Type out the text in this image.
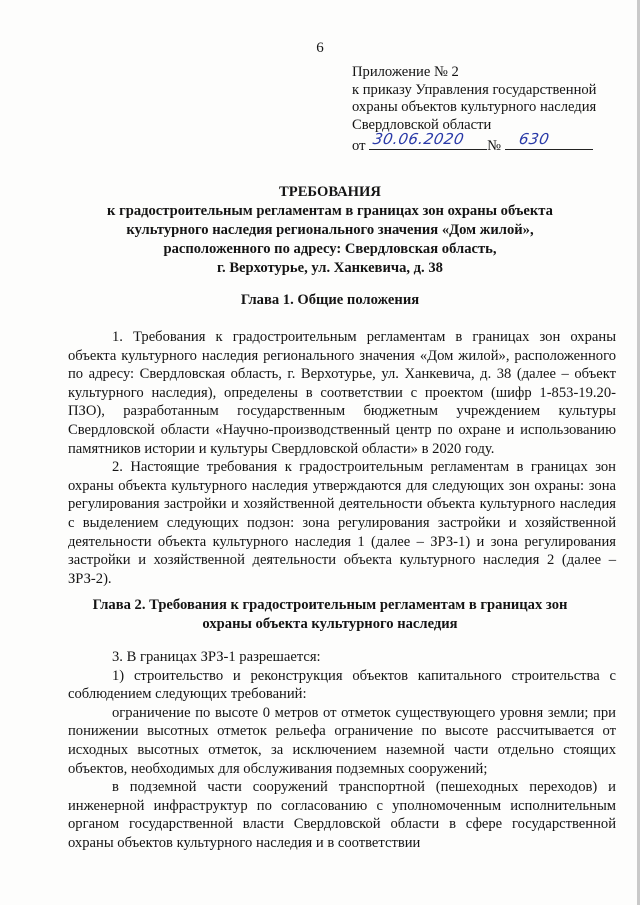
6
Приложение № 2
к приказу Управления государственной
охраны объектов культурного наследия
Свердловской области
от 30.06.2020 № 630
ТРЕБОВАНИЯ
к градостроительным регламентам в границах зон охраны объекта
культурного наследия регионального значения «Дом жилой»,
расположенного по адресу: Свердловская область,
г. Верхотурье, ул. Ханкевича, д. 38
Глава 1. Общие положения

1. Требования к градостроительным регламентам в границах зон охраны объекта культурного наследия регионального значения «Дом жилой», расположенного по адресу: Свердловская область, г. Верхотурье, ул. Ханкевича, д. 38 (далее – объект культурного наследия), определены в соответствии с проектом (шифр 1-853-19.20-ПЗО), разработанным государственным бюджетным учреждением культуры Свердловской области «Научно-производственный центр по охране и использованию памятников истории и культуры Свердловской области» в 2020 году.

2. Настоящие требования к градостроительным регламентам в границах зон охраны объекта культурного наследия утверждаются для следующих зон охраны: зона регулирования застройки и хозяйственной деятельности объекта культурного наследия с выделением следующих подзон: зона регулирования застройки и хозяйственной деятельности объекта культурного наследия 1 (далее – ЗРЗ-1) и зона регулирования застройки и хозяйственной деятельности объекта культурного наследия 2 (далее – ЗРЗ-2).

Глава 2. Требования к градостроительным регламентам в границах зон
охраны объекта культурного наследия

3. В границах ЗРЗ-1 разрешается:

1) строительство и реконструкция объектов капитального строительства с соблюдением следующих требований:

ограничение по высоте 0 метров от отметок существующего уровня земли; при понижении высотных отметок рельефа ограничение по высоте рассчитывается от исходных высотных отметок, за исключением наземной части отдельно стоящих объектов, необходимых для обслуживания подземных сооружений;

в подземной части сооружений транспортной (пешеходных переходов) и инженерной инфраструктур по согласованию с уполномоченным исполнительным органом государственной власти Свердловской области в сфере государственной охраны объектов культурного наследия и в соответствии
